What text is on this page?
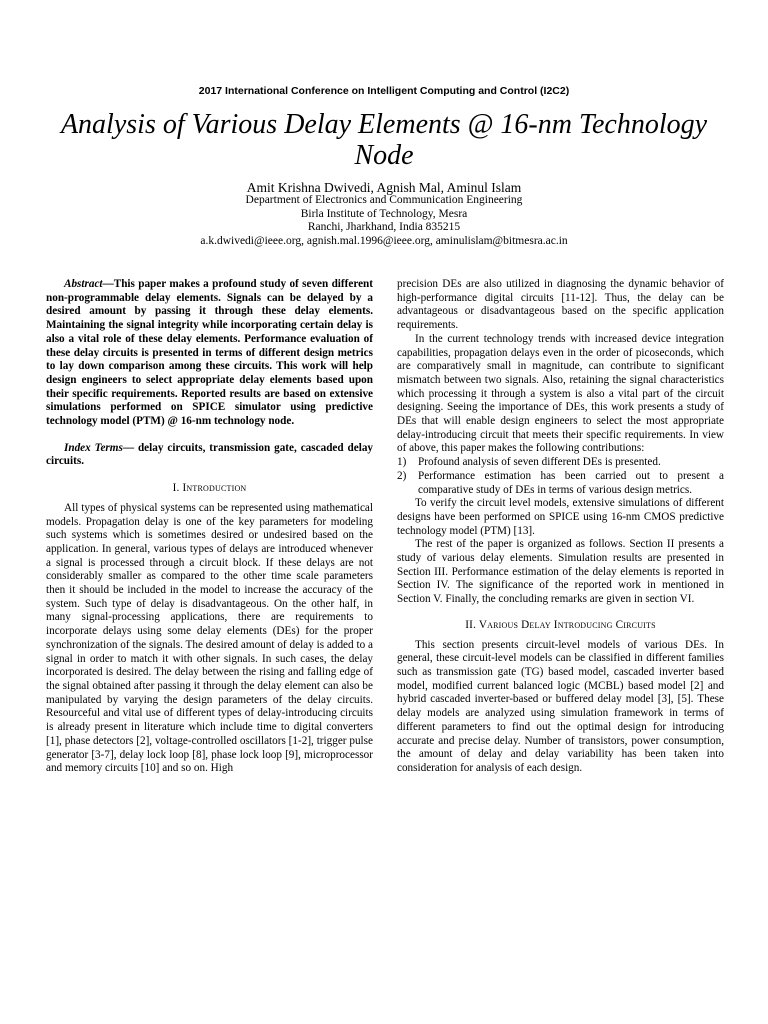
2017 International Conference on Intelligent Computing and Control (I2C2)
Analysis of Various Delay Elements @ 16-nm Technology Node
Amit Krishna Dwivedi, Agnish Mal, Aminul Islam
Department of Electronics and Communication Engineering
Birla Institute of Technology, Mesra
Ranchi, Jharkhand, India 835215
a.k.dwivedi@ieee.org, agnish.mal.1996@ieee.org, aminulislam@bitmesra.ac.in

Abstract—This paper makes a profound study of seven different non-programmable delay elements. Signals can be delayed by a desired amount by passing it through these delay elements. Maintaining the signal integrity while incorporating certain delay is also a vital role of these delay elements. Performance evaluation of these delay circuits is presented in terms of different design metrics to lay down comparison among these circuits. This work will help design engineers to select appropriate delay elements based upon their specific requirements. Reported results are based on extensive simulations performed on SPICE simulator using predictive technology model (PTM) @ 16-nm technology node.

Index Terms— delay circuits, transmission gate, cascaded delay circuits.

I. Introduction

All types of physical systems can be represented using mathematical models. Propagation delay is one of the key parameters for modeling such systems which is sometimes desired or undesired based on the application. In general, various types of delays are introduced whenever a signal is processed through a circuit block. If these delays are not considerably smaller as compared to the other time scale parameters then it should be included in the model to increase the accuracy of the system. Such type of delay is disadvantageous. On the other half, in many signal-processing applications, there are requirements to incorporate delays using some delay elements (DEs) for the proper synchronization of the signals. The desired amount of delay is added to a signal in order to match it with other signals. In such cases, the delay incorporated is desired. The delay between the rising and falling edge of the signal obtained after passing it through the delay element can also be manipulated by varying the design parameters of the delay circuits. Resourceful and vital use of different types of delay-introducing circuits is already present in literature which include time to digital converters [1], phase detectors [2], voltage-controlled oscillators [1-2], trigger pulse generator [3-7], delay lock loop [8], phase lock loop [9], microprocessor and memory circuits [10] and so on. High

precision DEs are also utilized in diagnosing the dynamic behavior of high-performance digital circuits [11-12]. Thus, the delay can be advantageous or disadvantageous based on the specific application requirements.

In the current technology trends with increased device integration capabilities, propagation delays even in the order of picoseconds, which are comparatively small in magnitude, can contribute to significant mismatch between two signals. Also, retaining the signal characteristics which processing it through a system is also a vital part of the circuit designing. Seeing the importance of DEs, this work presents a study of DEs that will enable design engineers to select the most appropriate delay-introducing circuit that meets their specific requirements. In view of above, this paper makes the following contributions:

1) Profound analysis of seven different DEs is presented.
2) Performance estimation has been carried out to present a comparative study of DEs in terms of various design metrics.

To verify the circuit level models, extensive simulations of different designs have been performed on SPICE using 16-nm CMOS predictive technology model (PTM) [13].

The rest of the paper is organized as follows. Section II presents a study of various delay elements. Simulation results are presented in Section III. Performance estimation of the delay elements is reported in Section IV. The significance of the reported work in mentioned in Section V. Finally, the concluding remarks are given in section VI.

II. Various Delay Introducing Circuits

This section presents circuit-level models of various DEs. In general, these circuit-level models can be classified in different families such as transmission gate (TG) based model, cascaded inverter based model, modified current balanced logic (MCBL) based model [2] and hybrid cascaded inverter-based or buffered delay model [3], [5]. These delay models are analyzed using simulation framework in terms of different parameters to find out the optimal design for introducing accurate and precise delay. Number of transistors, power consumption, the amount of delay and delay variability has been taken into consideration for analysis of each design.
